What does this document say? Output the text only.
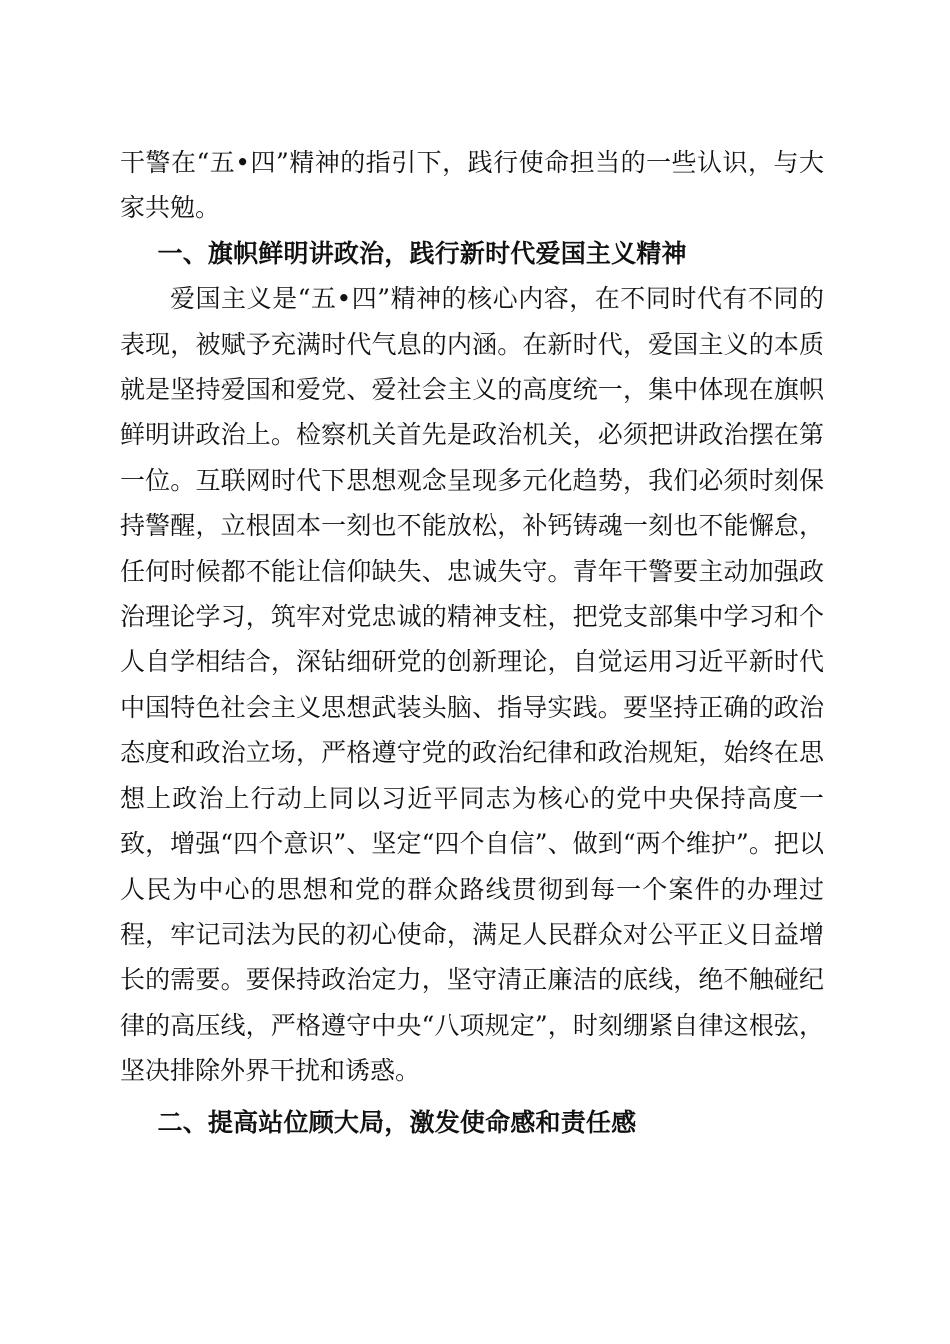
干警在“五•四”精神的指引下，践行使命担当的一些认识，与大家共勉。

一、旗帜鲜明讲政治，践行新时代爱国主义精神

爱国主义是“五•四”精神的核心内容，在不同时代有不同的表现，被赋予充满时代气息的内涵。在新时代，爱国主义的本质就是坚持爱国和爱党、爱社会主义的高度统一，集中体现在旗帜鲜明讲政治上。检察机关首先是政治机关，必须把讲政治摆在第一位。互联网时代下思想观念呈现多元化趋势，我们必须时刻保持警醒，立根固本一刻也不能放松，补钙铸魂一刻也不能懈怠，任何时候都不能让信仰缺失、忠诚失守。青年干警要主动加强政治理论学习，筑牢对党忠诚的精神支柱，把党支部集中学习和个人自学相结合，深钻细研党的创新理论，自觉运用习近平新时代中国特色社会主义思想武装头脑、指导实践。要坚持正确的政治态度和政治立场，严格遵守党的政治纪律和政治规矩，始终在思想上政治上行动上同以习近平同志为核心的党中央保持高度一致，增强“四个意识”、坚定“四个自信”、做到“两个维护”。把以人民为中心的思想和党的群众路线贯彻到每一个案件的办理过程，牢记司法为民的初心使命，满足人民群众对公平正义日益增长的需要。要保持政治定力，坚守清正廉洁的底线，绝不触碰纪律的高压线，严格遵守中央“八项规定”，时刻绷紧自律这根弦，坚决排除外界干扰和诱惑。

二、提高站位顾大局，激发使命感和责任感
